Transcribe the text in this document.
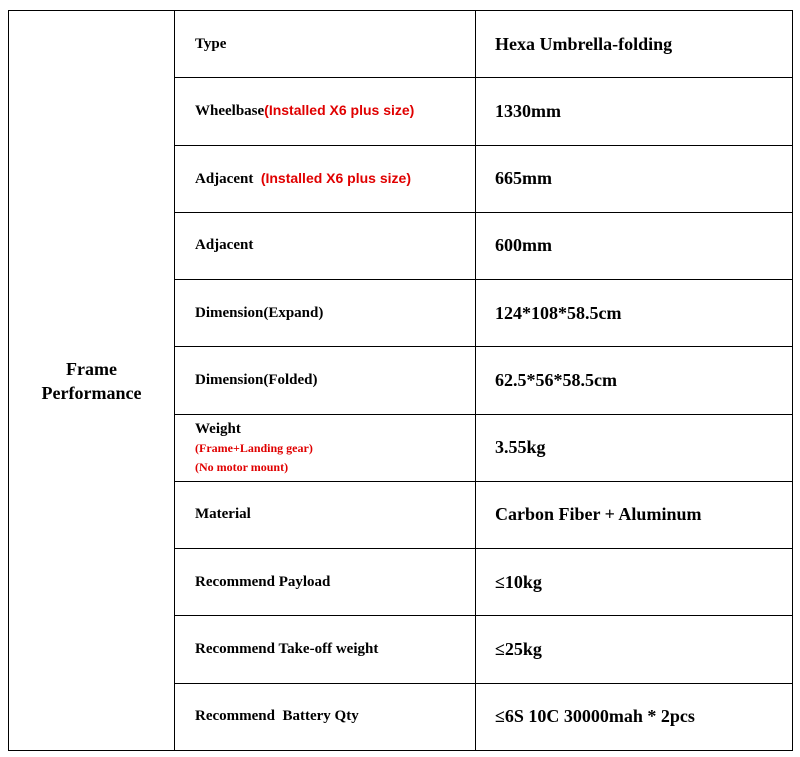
Frame
Performance	Type	Hexa Umbrella-folding
	Wheelbase(Installed X6 plus size)	1330mm
	Adjacent  (Installed X6 plus size)	665mm
	Adjacent	600mm
	Dimension(Expand)	124*108*58.5cm
	Dimension(Folded)	62.5*56*58.5cm

	Weight
(Frame+Landing gear)
(No motor mount)	3.55kg
	Material	Carbon Fiber + Aluminum
	Recommend Payload	≤10kg
	Recommend Take-off weight	≤25kg
	Recommend  Battery Qty	≤6S 10C 30000mah * 2pcs
